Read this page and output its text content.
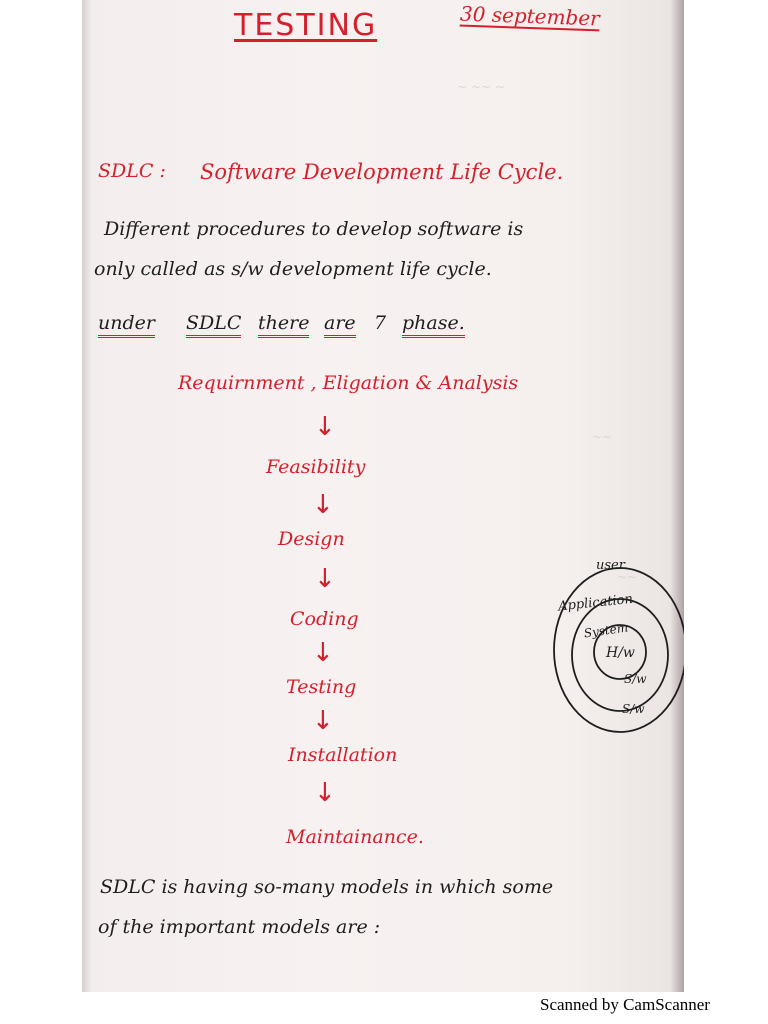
~ ~~ ~
~~
~~
TESTING	30 september
SDLC : Software Development Life Cycle.
Different procedures to develop software is
only called as s/w development life cycle.
under SDLC there are 7 phase.
Requirnment , Eligation & Analysis
↓
Feasibility
↓
Design
↓
Coding
↓
Testing
↓
Installation
↓
Maintainance.
user.
Application
System
H/w
S/w
S/w
SDLC is having so-many models in which some
of the important models are :
Scanned by CamScanner
